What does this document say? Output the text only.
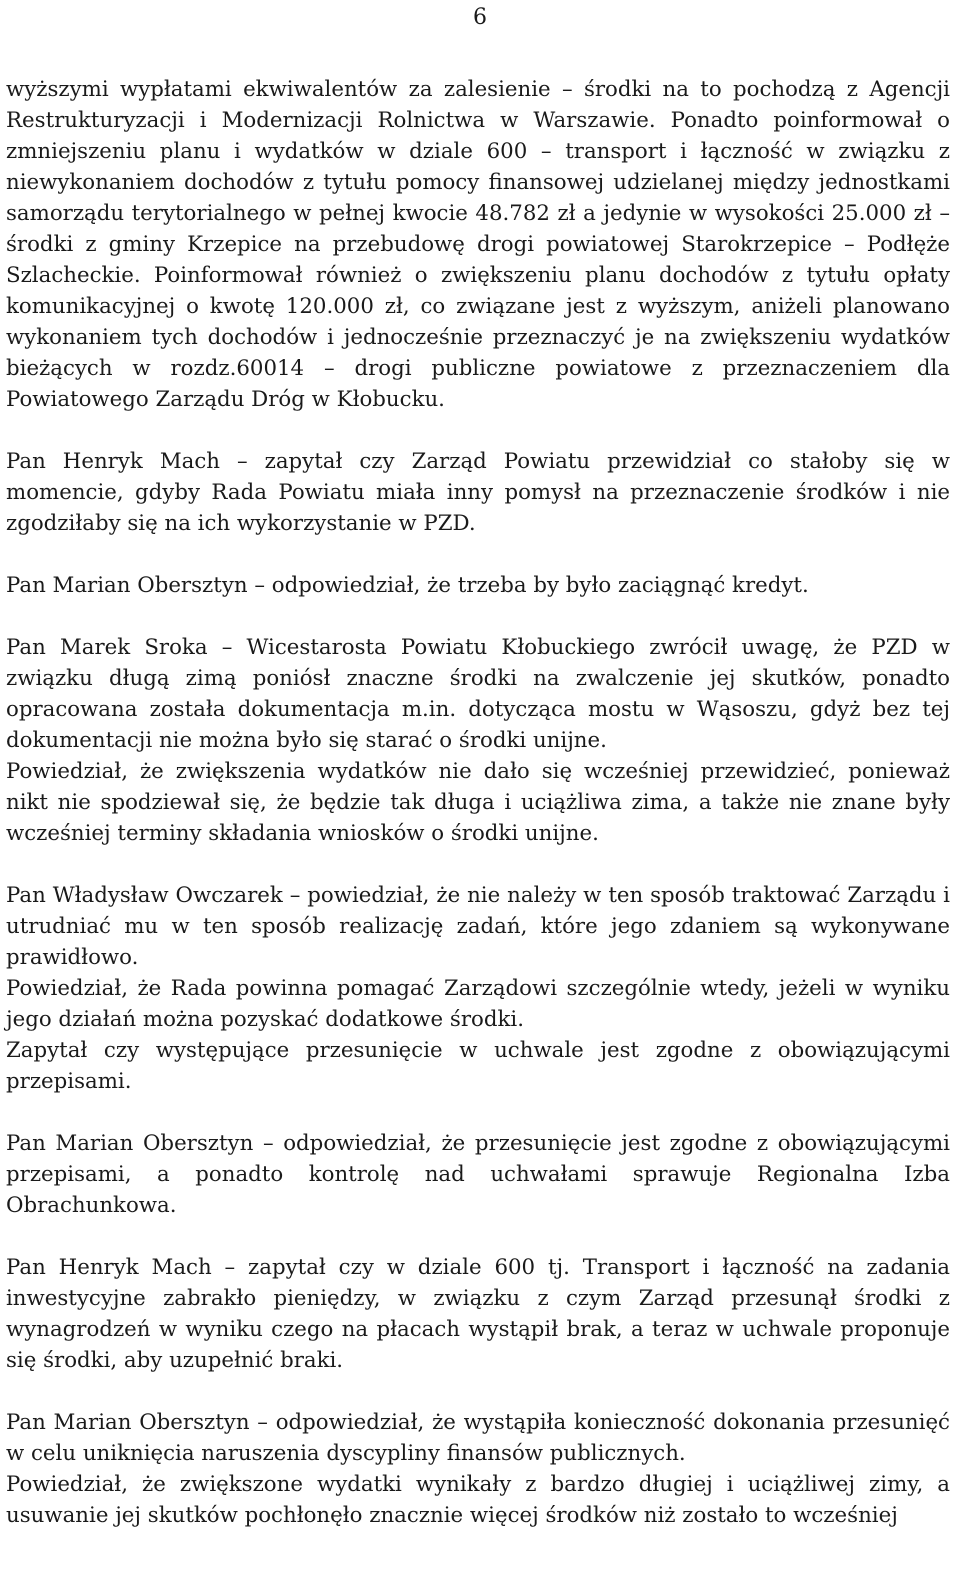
6

wyższymi wypłatami ekwiwalentów za zalesienie – środki na to pochodzą z Agencji Restrukturyzacji i Modernizacji Rolnictwa w Warszawie. Ponadto poinformował o zmniejszeniu planu i wydatków w dziale 600 – transport i łączność w związku z niewykonaniem dochodów z tytułu pomocy finansowej udzielanej między jednostkami samorządu terytorialnego w pełnej kwocie 48.782 zł a jedynie w wysokości 25.000 zł – środki z gminy Krzepice na przebudowę drogi powiatowej Starokrzepice – Podłęże Szlacheckie. Poinformował również o zwiększeniu planu dochodów z tytułu opłaty komunikacyjnej o kwotę 120.000 zł, co związane jest z wyższym, aniżeli planowano wykonaniem tych dochodów i jednocześnie przeznaczyć je na zwiększeniu wydatków bieżących w rozdz.60014 – drogi publiczne powiatowe z przeznaczeniem dla Powiatowego Zarządu Dróg w Kłobucku.

Pan Henryk Mach – zapytał czy Zarząd Powiatu przewidział co stałoby się w momencie, gdyby Rada Powiatu miała inny pomysł na przeznaczenie środków i nie zgodziłaby się na ich wykorzystanie w PZD.

Pan Marian Obersztyn – odpowiedział, że trzeba by było zaciągnąć kredyt.

Pan Marek Sroka – Wicestarosta Powiatu Kłobuckiego zwrócił uwagę, że PZD w związku długą zimą poniósł znaczne środki na zwalczenie jej skutków, ponadto opracowana została dokumentacja m.in. dotycząca mostu w Wąsoszu, gdyż bez tej dokumentacji nie można było się starać o środki unijne.

Powiedział, że zwiększenia wydatków nie dało się wcześniej przewidzieć, ponieważ nikt nie spodziewał się, że będzie tak długa i uciążliwa zima, a także nie znane były wcześniej terminy składania wniosków o środki unijne.

Pan Władysław Owczarek – powiedział, że nie należy w ten sposób traktować Zarządu i utrudniać mu w ten sposób realizację zadań, które jego zdaniem są wykonywane prawidłowo.

Powiedział, że Rada powinna pomagać Zarządowi szczególnie wtedy, jeżeli w wyniku jego działań można pozyskać dodatkowe środki.

Zapytał czy występujące przesunięcie w uchwale jest zgodne z obowiązującymi przepisami.

Pan Marian Obersztyn – odpowiedział, że przesunięcie jest zgodne z obowiązującymi przepisami, a ponadto kontrolę nad uchwałami sprawuje Regionalna Izba Obrachunkowa.

Pan Henryk Mach – zapytał czy w dziale 600 tj. Transport i łączność na zadania inwestycyjne zabrakło pieniędzy, w związku z czym Zarząd przesunął środki z wynagrodzeń w wyniku czego na płacach wystąpił brak, a teraz w uchwale proponuje się środki, aby uzupełnić braki.

Pan Marian Obersztyn – odpowiedział, że wystąpiła konieczność dokonania przesunięć w celu uniknięcia naruszenia dyscypliny finansów publicznych.

Powiedział, że zwiększone wydatki wynikały z bardzo długiej i uciążliwej zimy, a usuwanie jej skutków pochłonęło znacznie więcej środków niż zostało to wcześniej
